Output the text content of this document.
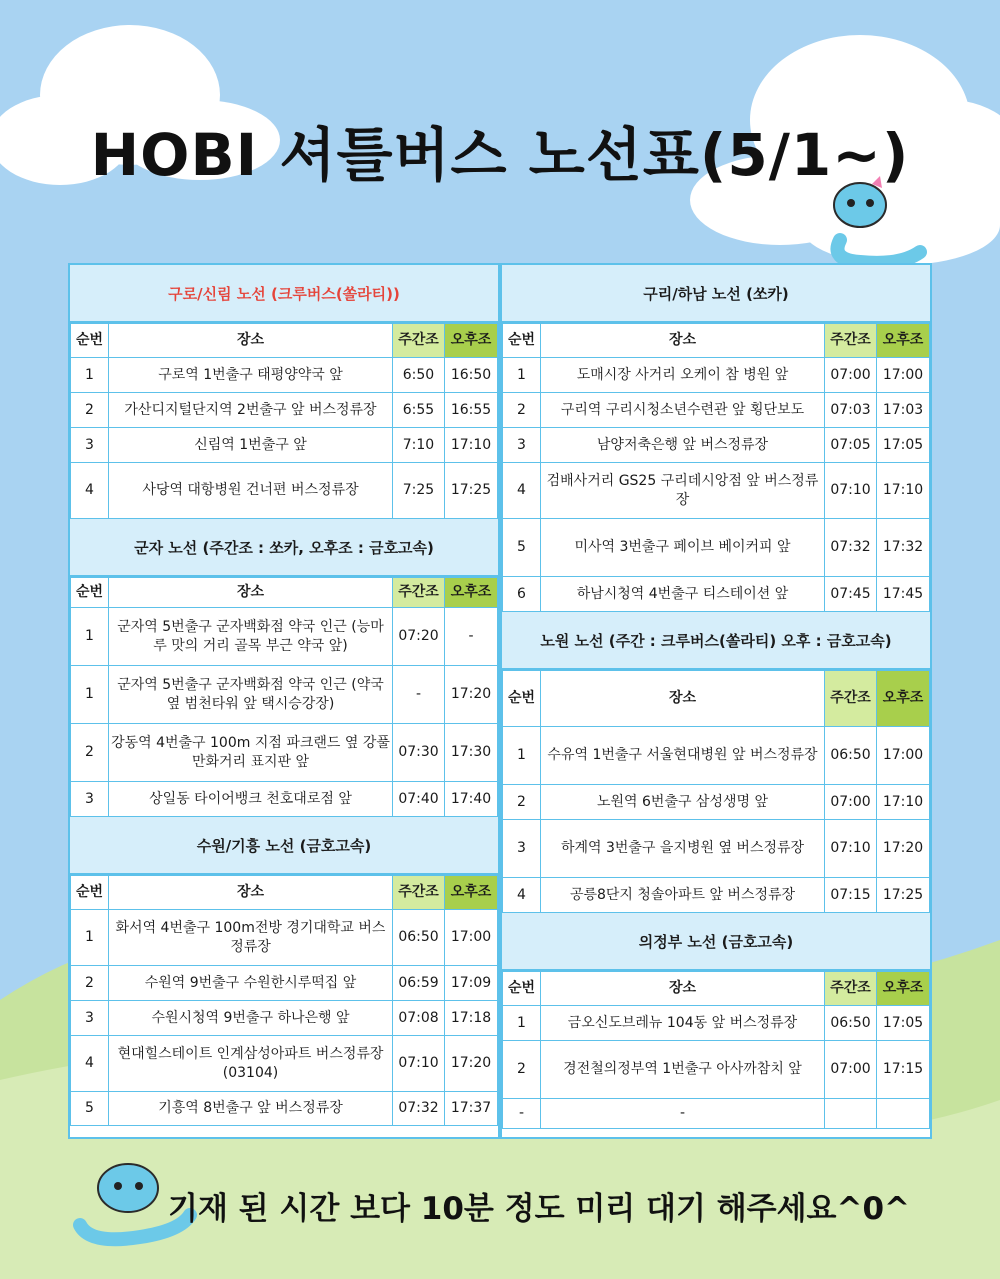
HOBI 셔틀버스 노선표(5/1~)
구로/신림 노선 (크루버스(쏠라티))
순번	장소	주간조	오후조
1	구로역 1번출구 태평양약국 앞	6:50	16:50
2	가산디지털단지역 2번출구 앞 버스정류장	6:55	16:55
3	신림역 1번출구 앞	7:10	17:10
4	사당역 대항병원 건너편 버스정류장	7:25	17:25
군자 노선 (주간조 : 쏘카, 오후조 : 금호고속)
순번	장소	주간조	오후조
1	군자역 5번출구 군자백화점 약국 인근 (능마루 맛의 거리 골목 부근 약국 앞)	07:20	-
1	군자역 5번출구 군자백화점 약국 인근 (약국 옆 범천타워 앞 택시승강장)	-	17:20
2	강동역 4번출구 100m 지점 파크랜드 옆 강풀만화거리 표지판 앞	07:30	17:30
3	상일동 타이어뱅크 천호대로점 앞	07:40	17:40
수원/기흥 노선 (금호고속)
순번	장소	주간조	오후조
1	화서역 4번출구 100m전방 경기대학교 버스정류장	06:50	17:00
2	수원역 9번출구 수원한시루떡집 앞	06:59	17:09
3	수원시청역 9번출구 하나은행 앞	07:08	17:18
4	현대힐스테이트 인계삼성아파트 버스정류장 (03104)	07:10	17:20
5	기흥역 8번출구 앞 버스정류장	07:32	17:37
구리/하남 노선 (쏘카)
순번	장소	주간조	오후조
1	도매시장 사거리 오케이 참 병원 앞	07:00	17:00
2	구리역 구리시청소년수련관 앞 횡단보도	07:03	17:03
3	남양저축은행 앞 버스정류장	07:05	17:05
4	검배사거리 GS25 구리데시앙점 앞 버스정류장	07:10	17:10
5	미사역 3번출구 페이브 베이커피 앞	07:32	17:32
6	하남시청역 4번출구 티스테이션 앞	07:45	17:45
노원 노선 (주간 : 크루버스(쏠라티) 오후 : 금호고속)
순번	장소	주간조	오후조
1	수유역 1번출구 서울현대병원 앞 버스정류장	06:50	17:00
2	노원역 6번출구 삼성생명 앞	07:00	17:10
3	하계역 3번출구 을지병원 옆 버스정류장	07:10	17:20
4	공릉8단지 청솔아파트 앞 버스정류장	07:15	17:25
의정부 노선 (금호고속)
순번	장소	주간조	오후조
1	금오신도브레뉴 104동 앞 버스정류장	06:50	17:05
2	경전철의정부역 1번출구 아사까참치 앞	07:00	17:15
-	-		
기재 된 시간 보다 10분 정도 미리 대기 해주세요^0^
